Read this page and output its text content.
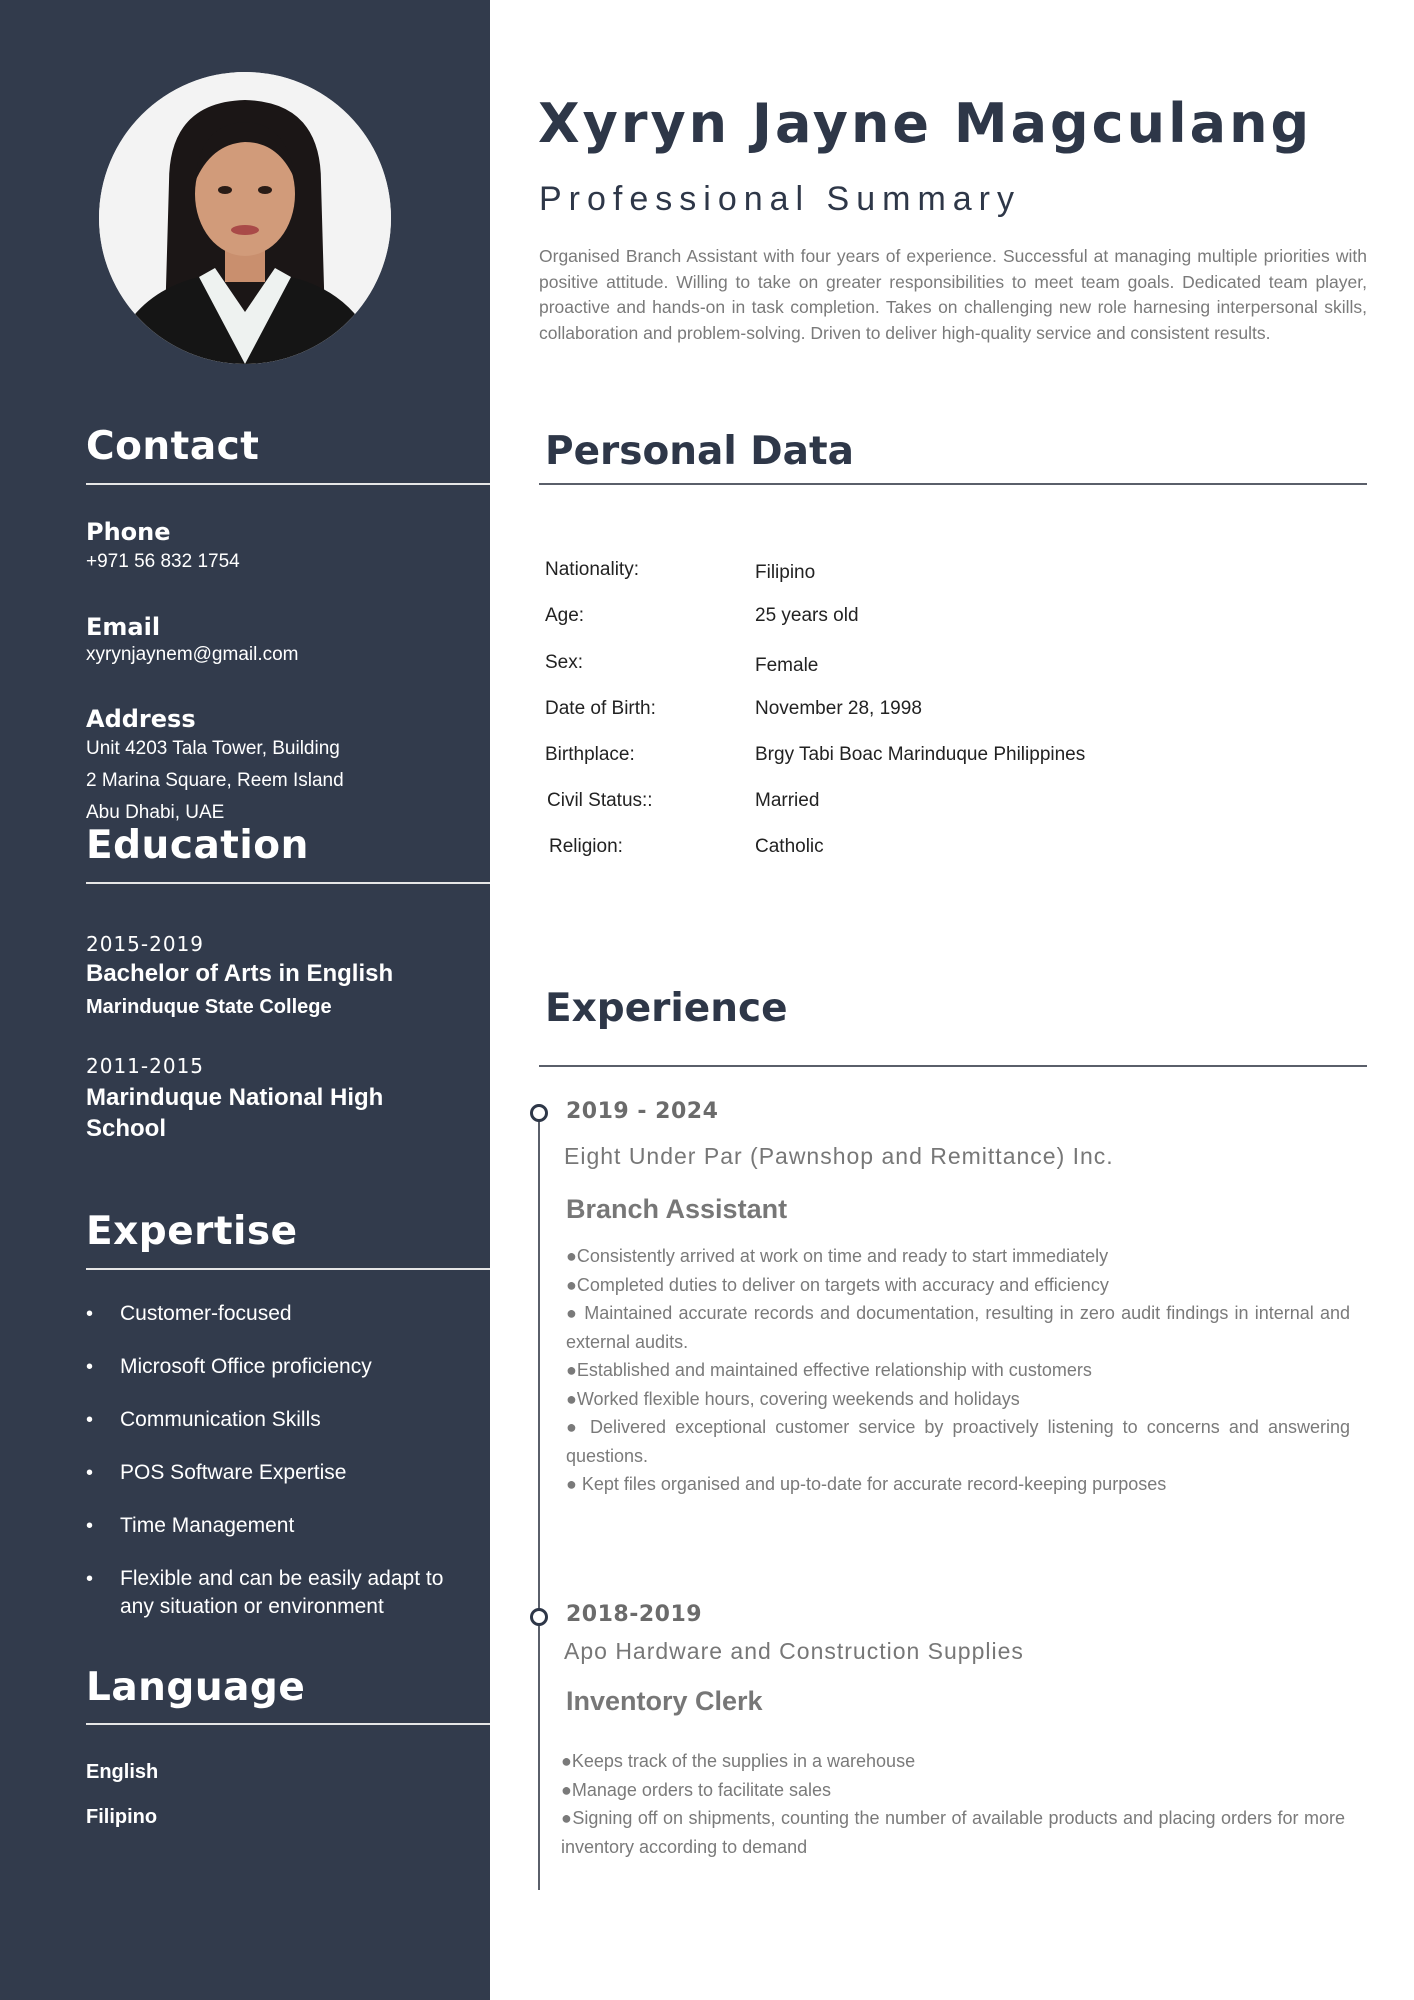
Contact
Phone
+971 56 832 1754
Email
xyrynjaynem@gmail.com
Address
Unit 4203 Tala Tower, Building
2 Marina Square, Reem Island
Abu Dhabi, UAE
Education
2015-2019
Bachelor of Arts in English
Marinduque State College
2011-2015
Marinduque National High School
Expertise
• Customer-focused
• Microsoft Office proficiency
• Communication Skills
• POS Software Expertise
• Time Management
• Flexible and can be easily adapt to any situation or environment
Language
English
Filipino
Xyryn Jayne Magculang
Professional Summary

Organised Branch Assistant with four years of experience. Successful at managing multiple priorities with positive attitude. Willing to take on greater responsibilities to meet team goals. Dedicated team player, proactive and hands-on in task completion. Takes on challenging new role harnesing interpersonal skills, collaboration and problem-solving. Driven to deliver high-quality service and consistent results.

Personal Data
Nationality:	Filipino
Age:	25 years old
Sex:	Female
Date of Birth:	November 28, 1998
Birthplace:	Brgy Tabi Boac Marinduque Philippines
Civil Status::	Married
Religion:	Catholic
Experience
2019 - 2024
Eight Under Par (Pawnshop and Remittance) Inc.
Branch Assistant
●Consistently arrived at work on time and ready to start immediately
●Completed duties to deliver on targets with accuracy and efficiency
● Maintained accurate records and documentation, resulting in zero audit findings in internal and external audits.
●Established and maintained effective relationship with customers
●Worked flexible hours, covering weekends and holidays
● Delivered exceptional customer service by proactively listening to concerns and answering questions.
● Kept files organised and up-to-date for accurate record-keeping purposes
2018-2019
Apo Hardware and Construction Supplies
Inventory Clerk
●Keeps track of the supplies in a warehouse
●Manage orders to facilitate sales
●Signing off on shipments, counting the number of available products and placing orders for more inventory according to demand
